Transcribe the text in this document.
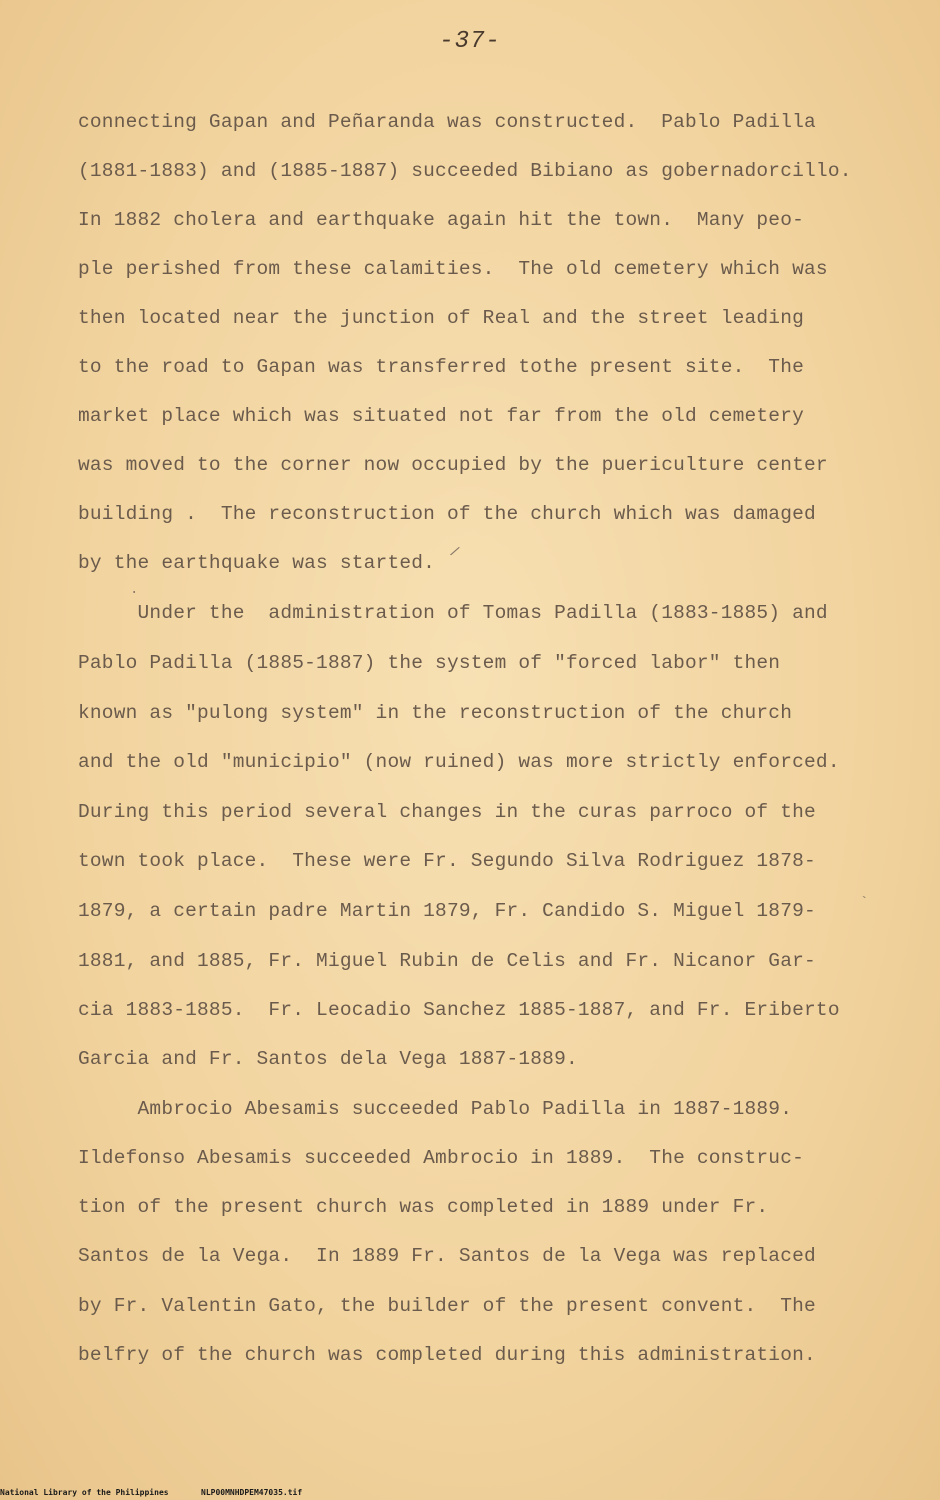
-37-
connecting Gapan and Peñaranda was constructed.  Pablo Padilla
(1881-1883) and (1885-1887) succeeded Bibiano as gobernadorcillo.
In 1882 cholera and earthquake again hit the town.  Many peo-
ple perished from these calamities.  The old cemetery which was
then located near the junction of Real and the street leading
to the road to Gapan was transferred tothe present site.  The
market place which was situated not far from the old cemetery
was moved to the corner now occupied by the puericulture center
building .  The reconstruction of the church which was damaged
by the earthquake was started.
Under the  administration of Tomas Padilla (1883-1885) and
Pablo Padilla (1885-1887) the system of "forced labor" then
known as "pulong system" in the reconstruction of the church
and the old "municipio" (now ruined) was more strictly enforced.
During this period several changes in the curas parroco of the
town took place.  These were Fr. Segundo Silva Rodriguez 1878-
1879, a certain padre Martin 1879, Fr. Candido S. Miguel 1879-
1881, and 1885, Fr. Miguel Rubin de Celis and Fr. Nicanor Gar-
cia 1883-1885.  Fr. Leocadio Sanchez 1885-1887, and Fr. Eriberto
Garcia and Fr. Santos dela Vega 1887-1889.
Ambrocio Abesamis succeeded Pablo Padilla in 1887-1889.
Ildefonso Abesamis succeeded Ambrocio in 1889.  The construc-
tion of the present church was completed in 1889 under Fr.
Santos de la Vega.  In 1889 Fr. Santos de la Vega was replaced
by Fr. Valentin Gato, the builder of the present convent.  The
belfry of the church was completed during this administration.
/
·
`
National Library of the Philippines	NLP00MNHDPEM47035.tif
